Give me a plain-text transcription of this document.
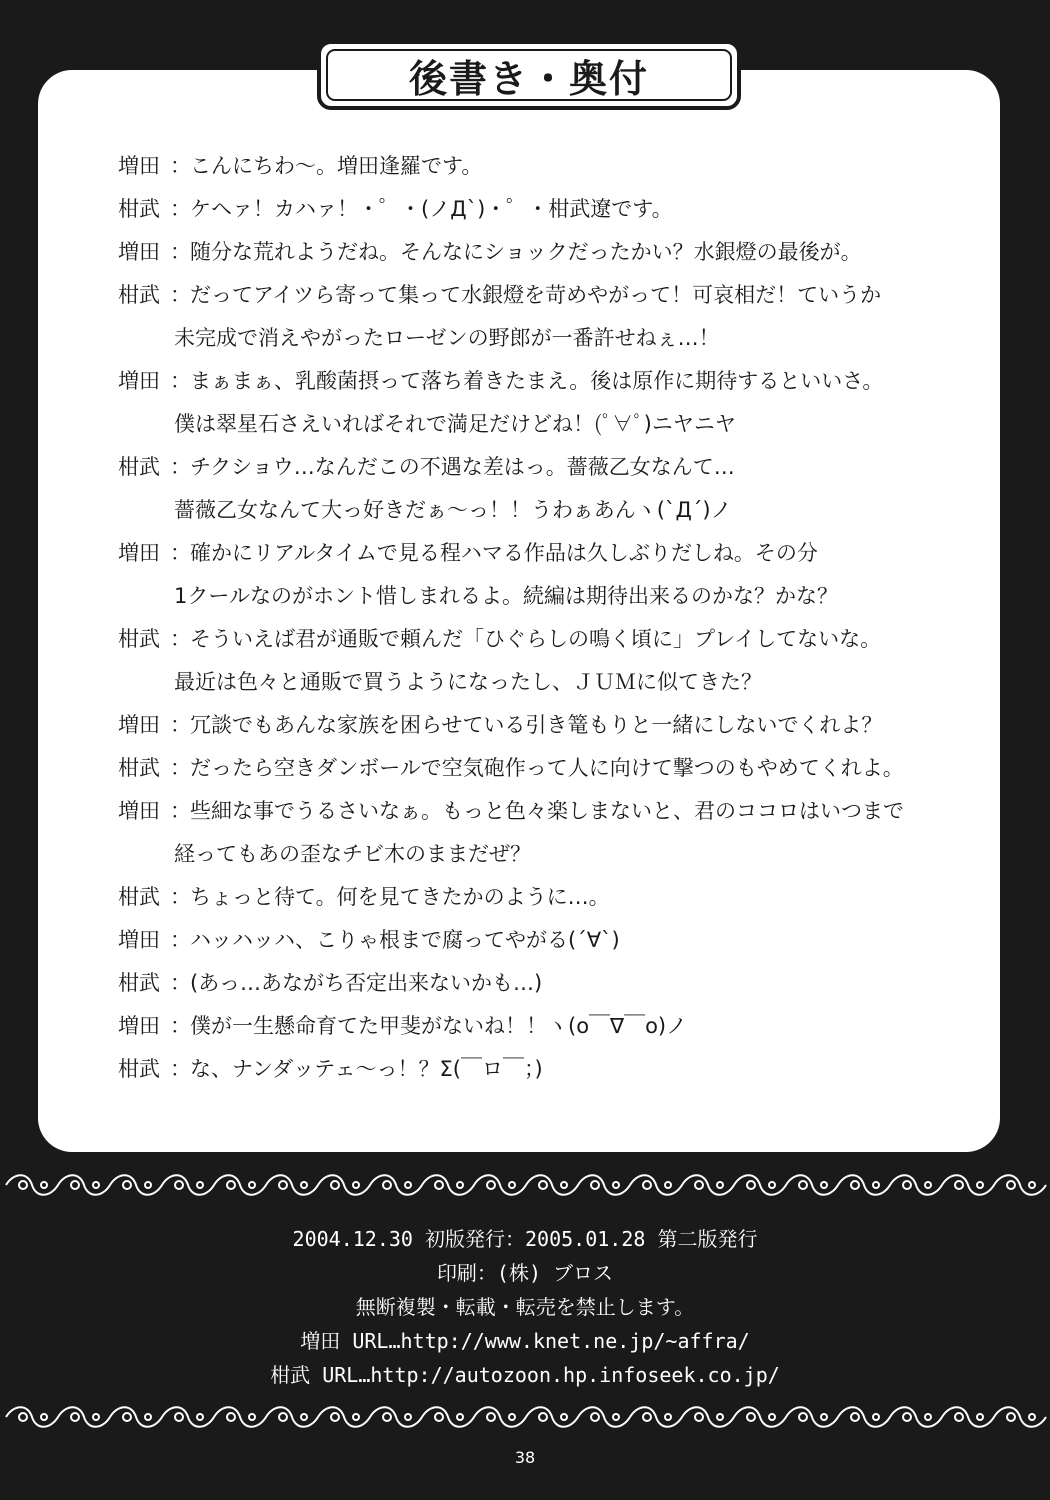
後書き・奥付
増田 ： こんにちわ〜。増田逢羅です。
柑武 ： ケヘァ！カハァ！・゜・(ノД`)・゜・柑武遼です。
増田 ： 随分な荒れようだね。そんなにショックだったかい？水銀燈の最後が。
柑武 ： だってアイツら寄って集って水銀燈を苛めやがって！可哀相だ！ていうか
未完成で消えやがったローゼンの野郎が一番許せねぇ…！
増田 ： まぁまぁ、乳酸菌摂って落ち着きたまえ。後は原作に期待するといいさ。
僕は翠星石さえいればそれで満足だけどね！(ﾟ∀ﾟ)ニヤニヤ
柑武 ： チクショウ…なんだこの不遇な差はっ。薔薇乙女なんて…
薔薇乙女なんて大っ好きだぁ〜っ！！うわぁあんヽ(`Д´)ノ
増田 ： 確かにリアルタイムで見る程ハマる作品は久しぶりだしね。その分
1クールなのがホント惜しまれるよ。続編は期待出来るのかな？かな？
柑武 ： そういえば君が通販で頼んだ「ひぐらしの鳴く頃に」プレイしてないな。
最近は色々と通販で買うようになったし、ＪＵＭに似てきた？
増田 ： 冗談でもあんな家族を困らせている引き篭もりと一緒にしないでくれよ？
柑武 ： だったら空きダンボールで空気砲作って人に向けて撃つのもやめてくれよ。
増田 ： 些細な事でうるさいなぁ。もっと色々楽しまないと、君のココロはいつまで
経ってもあの歪なチビ木のままだぜ？
柑武 ： ちょっと待て。何を見てきたかのように…。
増田 ： ハッハッハ、こりゃ根まで腐ってやがる(´∀`)
柑武 ： (あっ…あながち否定出来ないかも…)
増田 ： 僕が一生懸命育てた甲斐がないね！！ヽ(o￣∇￣o)ノ
柑武 ： な、ナンダッテェ〜っ！？Σ(￣ロ￣；)
2004.12.30 初版発行：2005.01.28 第二版発行
印刷：(株) ブロス
無断複製・転載・転売を禁止します。
増田 URL…http://www.knet.ne.jp/~affra/
柑武 URL…http://autozoon.hp.infoseek.co.jp/
38
